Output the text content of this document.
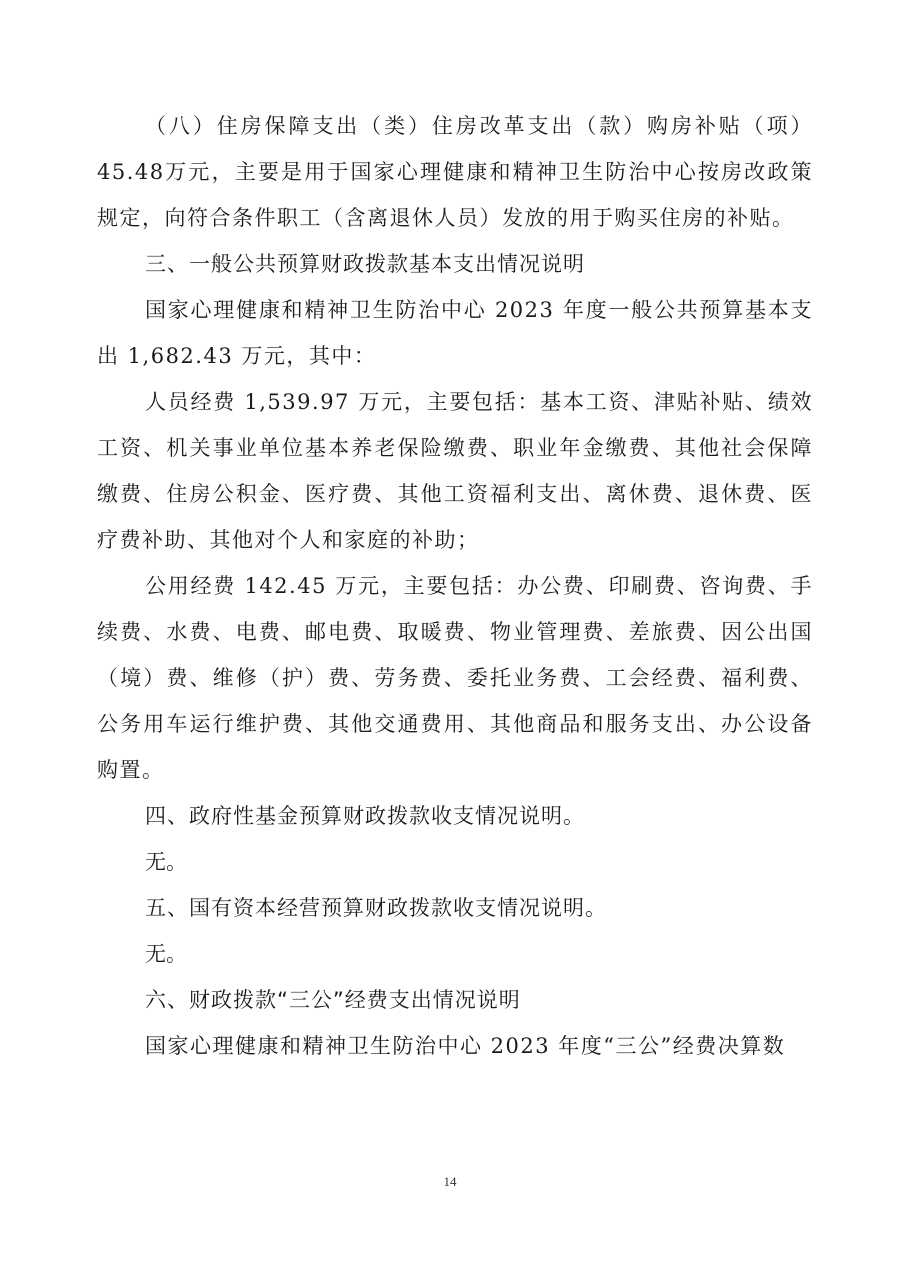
（八）住房保障支出（类）住房改革支出（款）购房补贴（项）45.48万元，主要是用于国家心理健康和精神卫生防治中心按房改政策规定，向符合条件职工（含离退休人员）发放的用于购买住房的补贴。

三、一般公共预算财政拨款基本支出情况说明

国家心理健康和精神卫生防治中心 2023 年度一般公共预算基本支出 1,682.43 万元，其中：

人员经费 1,539.97 万元，主要包括：基本工资、津贴补贴、绩效工资、机关事业单位基本养老保险缴费、职业年金缴费、其他社会保障缴费、住房公积金、医疗费、其他工资福利支出、离休费、退休费、医疗费补助、其他对个人和家庭的补助；

公用经费 142.45 万元，主要包括：办公费、印刷费、咨询费、手续费、水费、电费、邮电费、取暖费、物业管理费、差旅费、因公出国（境）费、维修（护）费、劳务费、委托业务费、工会经费、福利费、公务用车运行维护费、其他交通费用、其他商品和服务支出、办公设备购置。

四、政府性基金预算财政拨款收支情况说明。

无。

五、国有资本经营预算财政拨款收支情况说明。

无。

六、财政拨款“三公”经费支出情况说明

国家心理健康和精神卫生防治中心 2023 年度“三公”经费决算数

14
